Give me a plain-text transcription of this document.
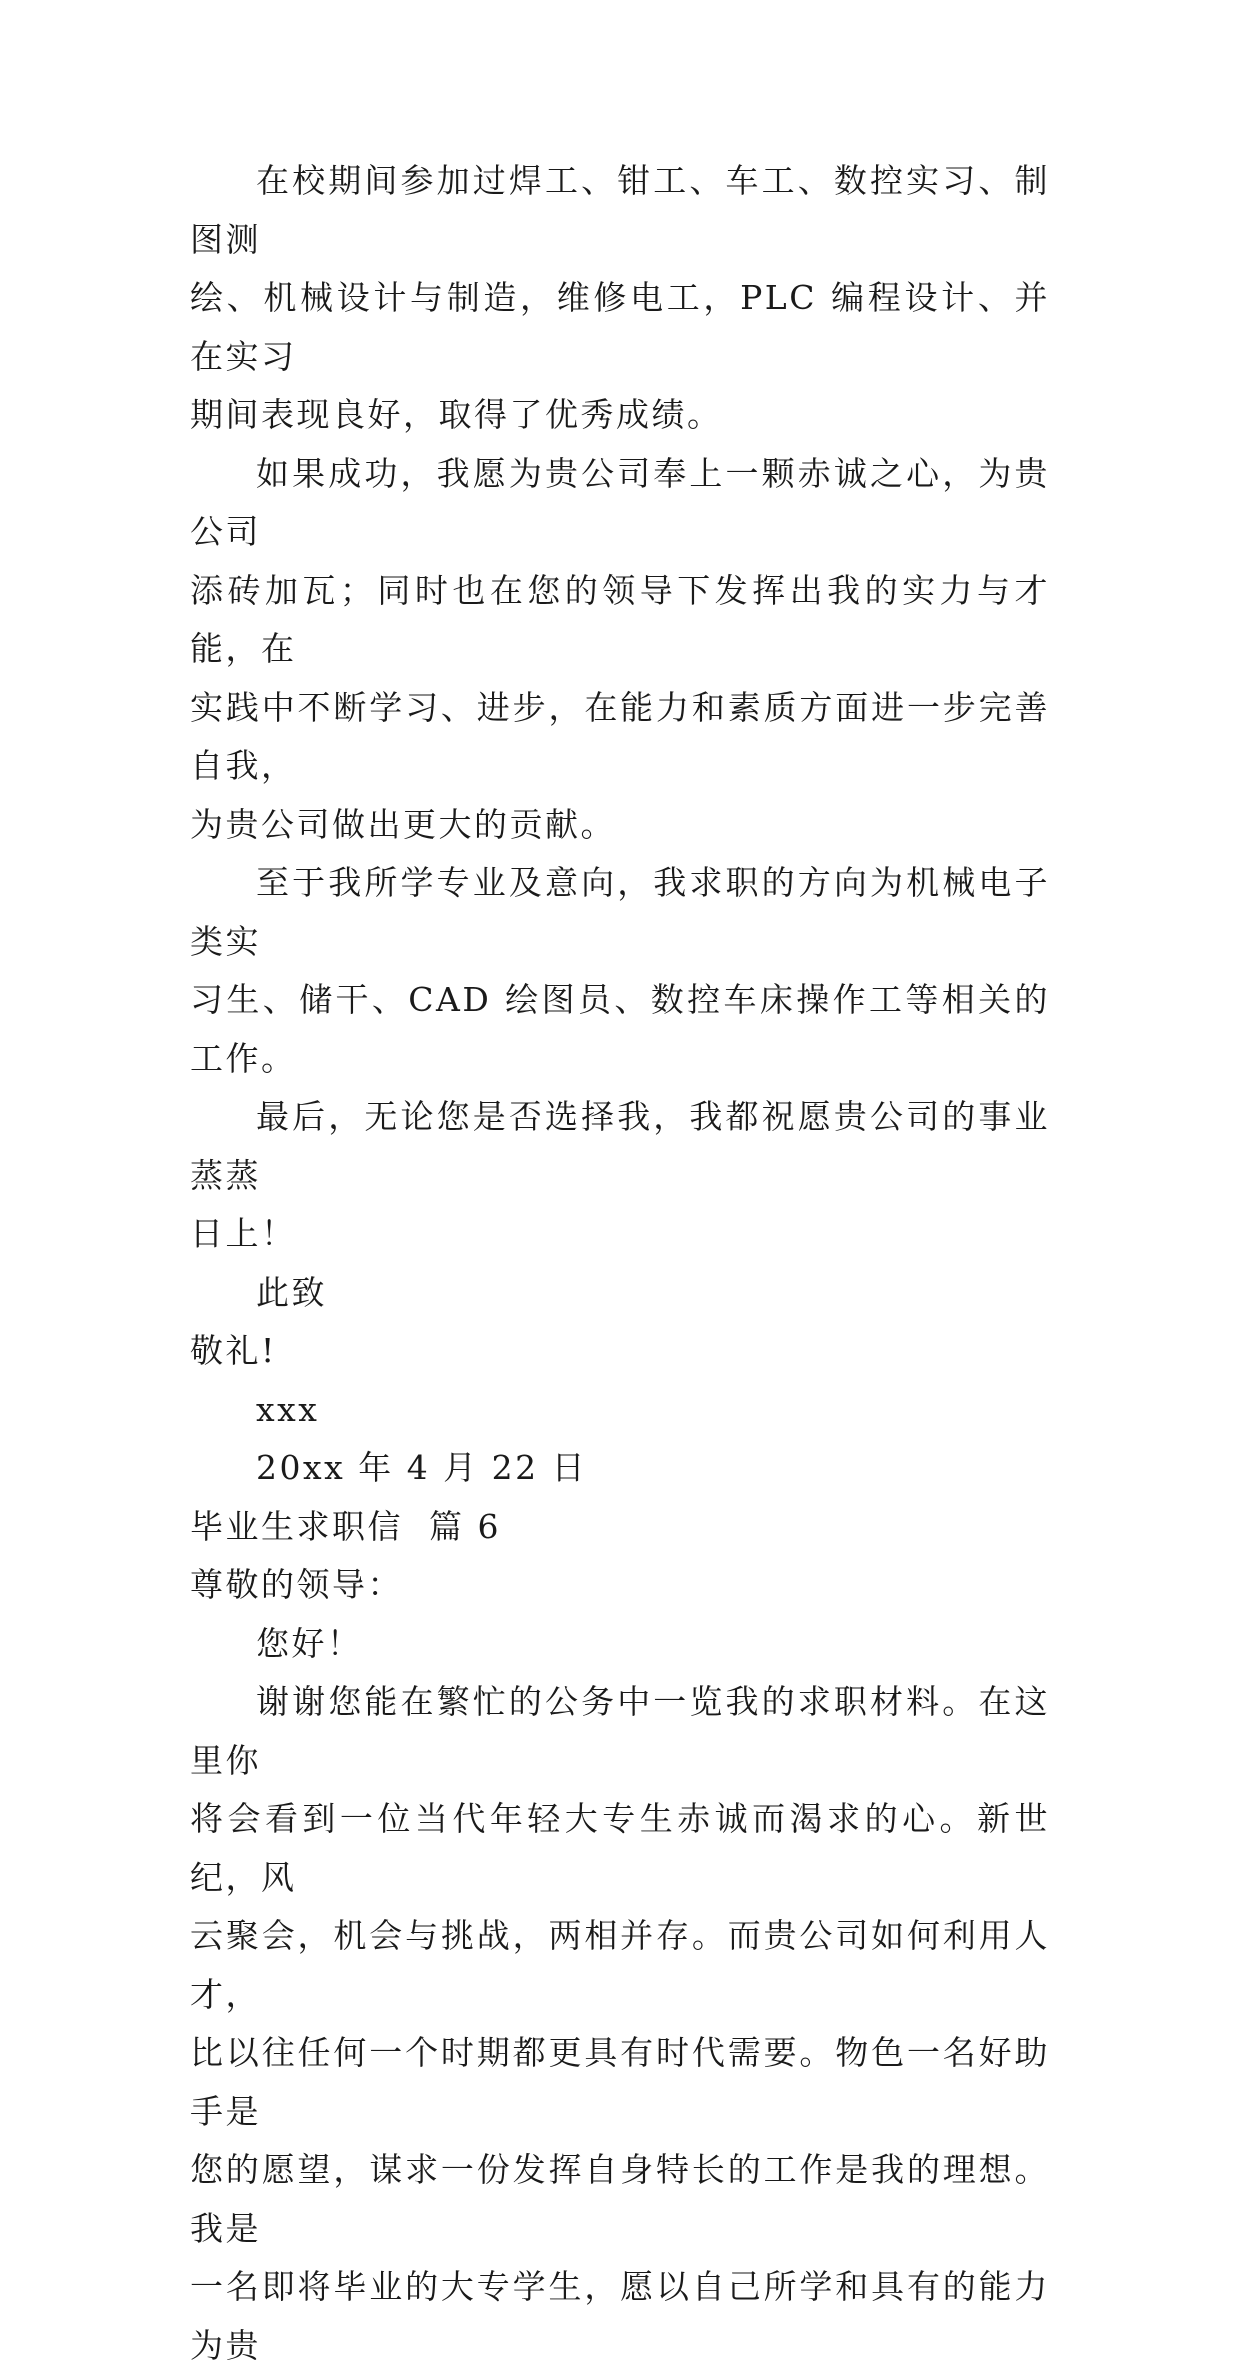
在校期间参加过焊工、钳工、车工、数控实习、制图测
绘、机械设计与制造，维修电工，PLC 编程设计、并在实习
期间表现良好，取得了优秀成绩。

如果成功，我愿为贵公司奉上一颗赤诚之心，为贵公司
添砖加瓦；同时也在您的领导下发挥出我的实力与才能，在
实践中不断学习、进步，在能力和素质方面进一步完善自我，
为贵公司做出更大的贡献。

至于我所学专业及意向，我求职的方向为机械电子类实
习生、储干、CAD 绘图员、数控车床操作工等相关的工作。

最后，无论您是否选择我，我都祝愿贵公司的事业蒸蒸
日上！

此致

敬礼!

xxx

20xx 年 4 月 22 日

毕业生求职信  篇 6

尊敬的领导：

您好！

谢谢您能在繁忙的公务中一览我的求职材料。在这里你
将会看到一位当代年轻大专生赤诚而渴求的心。新世纪，风
云聚会，机会与挑战，两相并存。而贵公司如何利用人才，
比以往任何一个时期都更具有时代需要。物色一名好助手是
您的愿望，谋求一份发挥自身特长的工作是我的理想。我是
一名即将毕业的大专学生，愿以自己所学和具有的能力为贵
